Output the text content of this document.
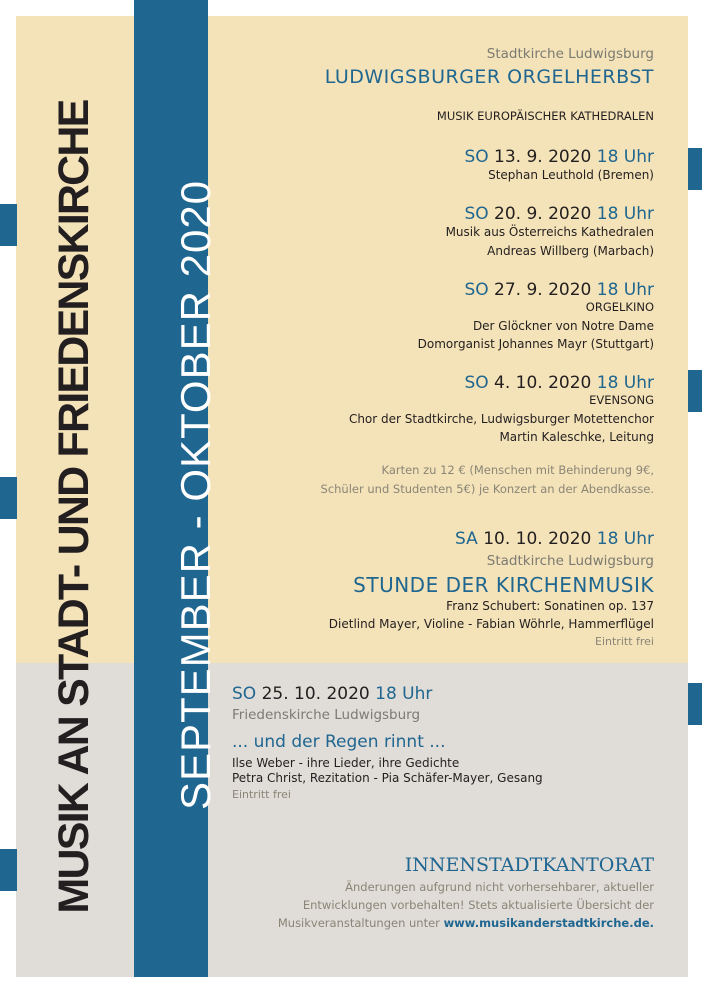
MUSIK AN STADT- UND FRIEDENSKIRCHE SEPTEMBER - OKTOBER 2020
Stadtkirche Ludwigsburg
LUDWIGSBURGER ORGELHERBST
MUSIK EUROPÄISCHER KATHEDRALEN
SO 13. 9. 2020 18 Uhr
Stephan Leuthold (Bremen)
SO 20. 9. 2020 18 Uhr
Musik aus Österreichs Kathedralen
Andreas Willberg (Marbach)
SO 27. 9. 2020 18 Uhr
ORGELKINO
Der Glöckner von Notre Dame
Domorganist Johannes Mayr (Stuttgart)
SO 4. 10. 2020 18 Uhr
EVENSONG
Chor der Stadtkirche, Ludwigsburger Motettenchor
Martin Kaleschke, Leitung
Karten zu 12 € (Menschen mit Behinderung 9€,
Schüler und Studenten 5€) je Konzert an der Abendkasse.
SA 10. 10. 2020 18 Uhr
Stadtkirche Ludwigsburg
STUNDE DER KIRCHENMUSIK
Franz Schubert: Sonatinen op. 137
Dietlind Mayer, Violine - Fabian Wöhrle, Hammerflügel
Eintritt frei
SO 25. 10. 2020 18 Uhr
Friedenskirche Ludwigsburg
... und der Regen rinnt ...
Ilse Weber - ihre Lieder, ihre Gedichte
Petra Christ, Rezitation - Pia Schäfer-Mayer, Gesang
Eintritt frei
INNENSTADTKANTORAT
Änderungen aufgrund nicht vorhersehbarer, aktueller
Entwicklungen vorbehalten! Stets aktualisierte Übersicht der
Musikveranstaltungen unter www.musikanderstadtkirche.de.
